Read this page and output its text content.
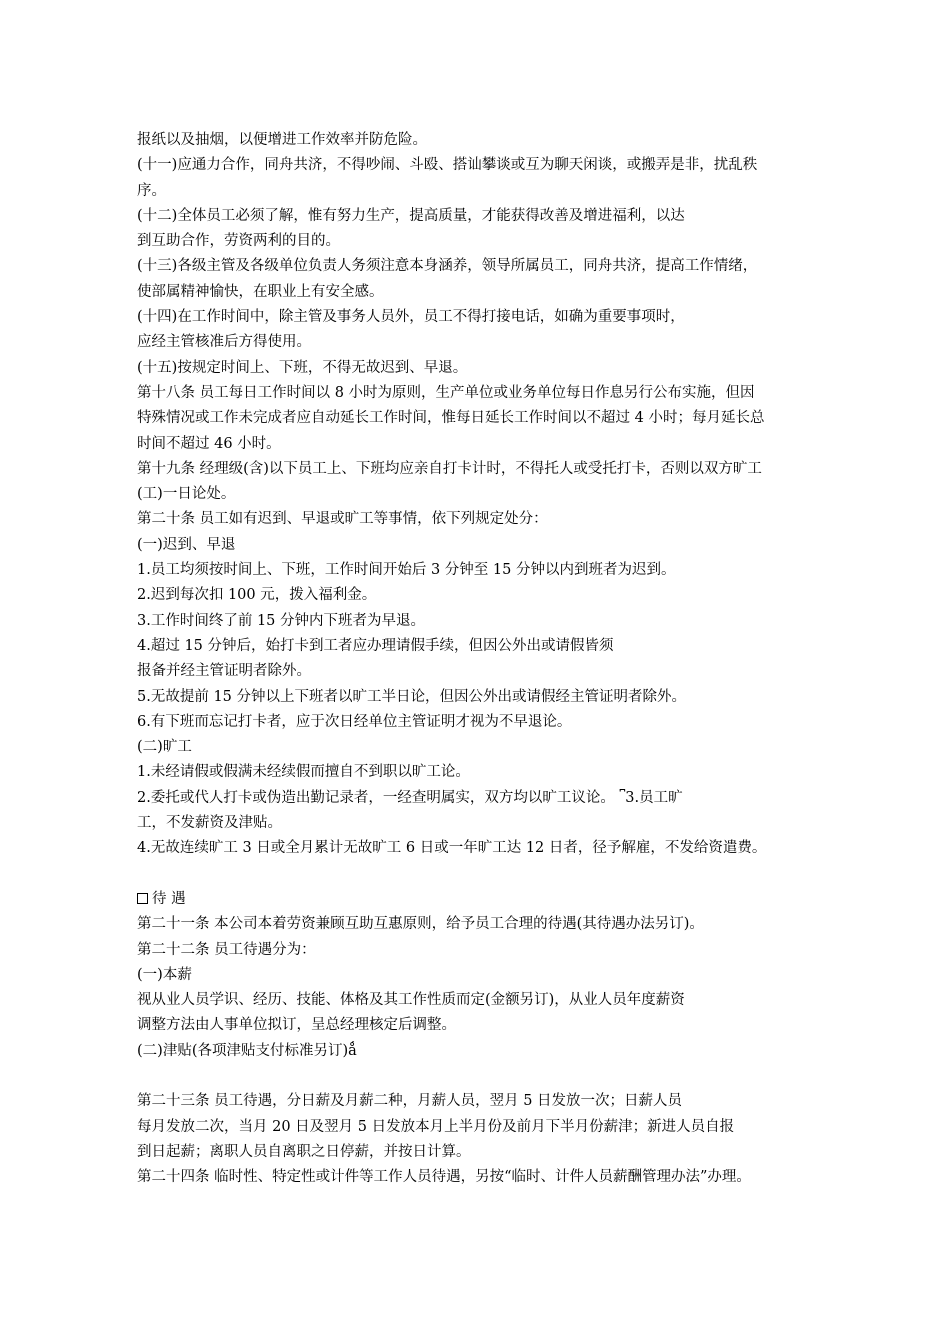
报纸以及抽烟，以便增进工作效率并防危险。
(十一)应通力合作，同舟共济，不得吵闹、斗殴、搭讪攀谈或互为聊天闲谈，或搬弄是非，扰乱秩
序。
(十二)全体员工必须了解，惟有努力生产，提高质量，才能获得改善及增进福利，以达
到互助合作，劳资两利的目的。
(十三)各级主管及各级单位负责人务须注意本身涵养，领导所属员工，同舟共济，提高工作情绪，
使部属精神愉快，在职业上有安全感。
(十四)在工作时间中，除主管及事务人员外，员工不得打接电话，如确为重要事项时，
应经主管核准后方得使用。
(十五)按规定时间上、下班，不得无故迟到、早退。
第十八条 员工每日工作时间以 8 小时为原则，生产单位或业务单位每日作息另行公布实施，但因
特殊情况或工作未完成者应自动延长工作时间，惟每日延长工作时间以不超过 4 小时；每月延长总
时间不超过 46 小时。
第十九条 经理级(含)以下员工上、下班均应亲自打卡计时，不得托人或受托打卡，否则以双方旷工
(工)一日论处。
第二十条 员工如有迟到、早退或旷工等事情，依下列规定处分：
(一)迟到、早退
1.员工均须按时间上、下班，工作时间开始后 3 分钟至 15 分钟以内到班者为迟到。
2.迟到每次扣 100 元，拨入福利金。
3.工作时间终了前 15 分钟内下班者为早退。
4.超过 15 分钟后，始打卡到工者应办理请假手续，但因公外出或请假皆须
报备并经主管证明者除外。
5.无故提前 15 分钟以上下班者以旷工半日论，但因公外出或请假经主管证明者除外。
6.有下班而忘记打卡者，应于次日经单位主管证明才视为不早退论。
(二)旷工
1.未经请假或假满未经续假而擅自不到职以旷工论。
2.委托或代人打卡或伪造出勤记录者，一经查明属实，双方均以旷工议论。 ⎴3.员工旷
工，不发薪资及津贴。
4.无故连续旷工 3 日或全月累计无故旷工 6 日或一年旷工达 12 日者，径予解雇，不发给资遣费。
待 遇
第二十一条 本公司本着劳资兼顾互助互惠原则，给予员工合理的待遇(其待遇办法另订)。
第二十二条 员工待遇分为：
(一)本薪
视从业人员学识、经历、技能、体格及其工作性质而定(金额另订)，从业人员年度薪资
调整方法由人事单位拟订，呈总经理核定后调整。
(二)津贴(各项津贴支付标准另订)ǻ
第二十三条 员工待遇，分日薪及月薪二种，月薪人员，翌月 5 日发放一次；日薪人员
每月发放二次，当月 20 日及翌月 5 日发放本月上半月份及前月下半月份薪津；新进人员自报
到日起薪；离职人员自离职之日停薪，并按日计算。
第二十四条 临时性、特定性或计件等工作人员待遇，另按“临时、计件人员薪酬管理办法”办理。
